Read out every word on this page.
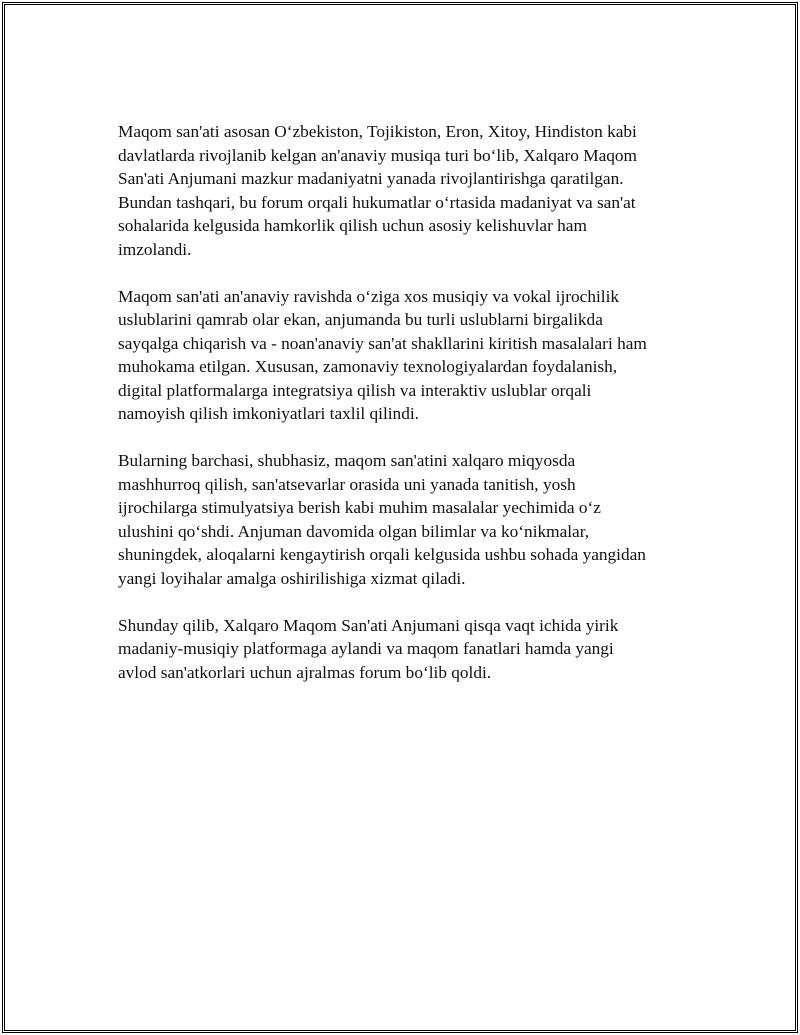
Maqom san'ati asosan O‘zbekiston, Tojikiston, Eron, Xitoy, Hindiston kabi
davlatlarda rivojlanib kelgan an'anaviy musiqa turi bo‘lib, Xalqaro Maqom
San'ati Anjumani mazkur madaniyatni yanada rivojlantirishga qaratilgan.
Bundan tashqari, bu forum orqali hukumatlar o‘rtasida madaniyat va san'at
sohalarida kelgusida hamkorlik qilish uchun asosiy kelishuvlar ham
imzolandi.

Maqom san'ati an'anaviy ravishda o‘ziga xos musiqiy va vokal ijrochilik
uslublarini qamrab olar ekan, anjumanda bu turli uslublarni birgalikda
sayqalga chiqarish va - noan'anaviy san'at shakllarini kiritish masalalari ham
muhokama etilgan. Xususan, zamonaviy texnologiyalardan foydalanish,
digital platformalarga integratsiya qilish va interaktiv uslublar orqali
namoyish qilish imkoniyatlari taxlil qilindi.

Bularning barchasi, shubhasiz, maqom san'atini xalqaro miqyosda
mashhurroq qilish, san'atsevarlar orasida uni yanada tanitish, yosh
ijrochilarga stimulyatsiya berish kabi muhim masalalar yechimida o‘z
ulushini qo‘shdi. Anjuman davomida olgan bilimlar va ko‘nikmalar,
shuningdek, aloqalarni kengaytirish orqali kelgusida ushbu sohada yangidan
yangi loyihalar amalga oshirilishiga xizmat qiladi.

Shunday qilib, Xalqaro Maqom San'ati Anjumani qisqa vaqt ichida yirik
madaniy-musiqiy platformaga aylandi va maqom fanatlari hamda yangi
avlod san'atkorlari uchun ajralmas forum bo‘lib qoldi.
